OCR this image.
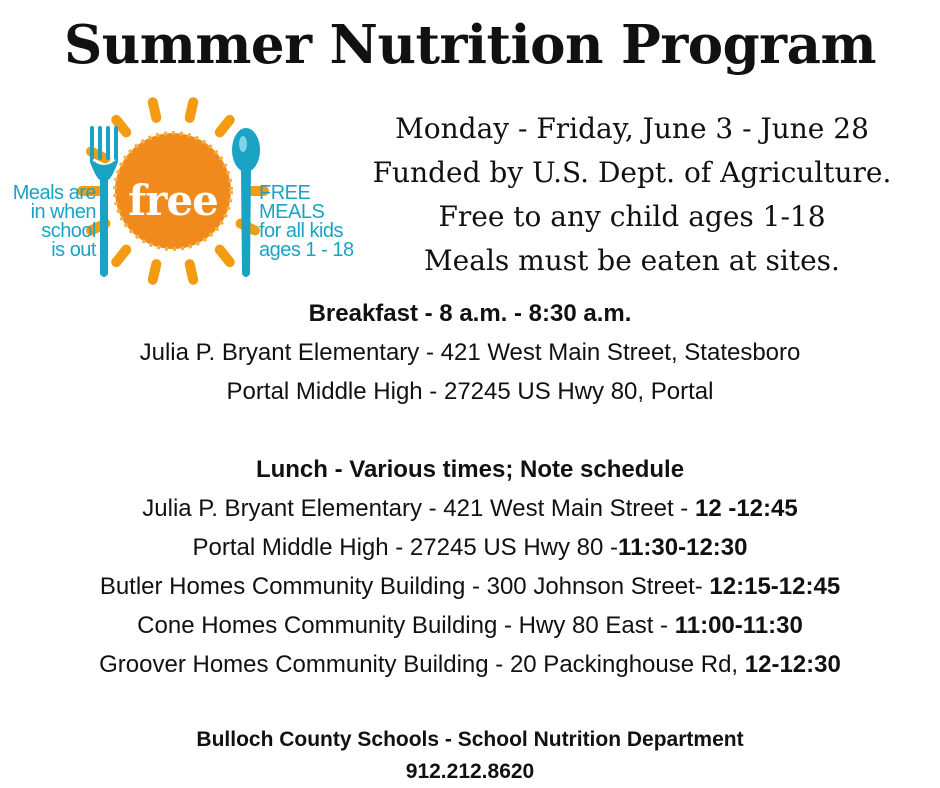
Summer Nutrition Program
free
Meals are
in when
school
is out
FREE
MEALS
for all kids
ages 1 - 18
Monday - Friday, June 3 - June 28
Funded by U.S. Dept. of Agriculture.
Free to any child ages 1-18
Meals must be eaten at sites.
Breakfast - 8 a.m. - 8:30 a.m.
Julia P. Bryant Elementary - 421 West Main Street, Statesboro
Portal Middle High - 27245 US Hwy 80, Portal
Lunch - Various times; Note schedule
Julia P. Bryant Elementary - 421 West Main Street - 12 -12:45
Portal Middle High - 27245 US Hwy 80 -11:30-12:30
Butler Homes Community Building - 300 Johnson Street- 12:15-12:45
Cone Homes Community Building - Hwy 80 East - 11:00-11:30
Groover Homes Community Building - 20 Packinghouse Rd, 12-12:30
Bulloch County Schools - School Nutrition Department
912.212.8620
